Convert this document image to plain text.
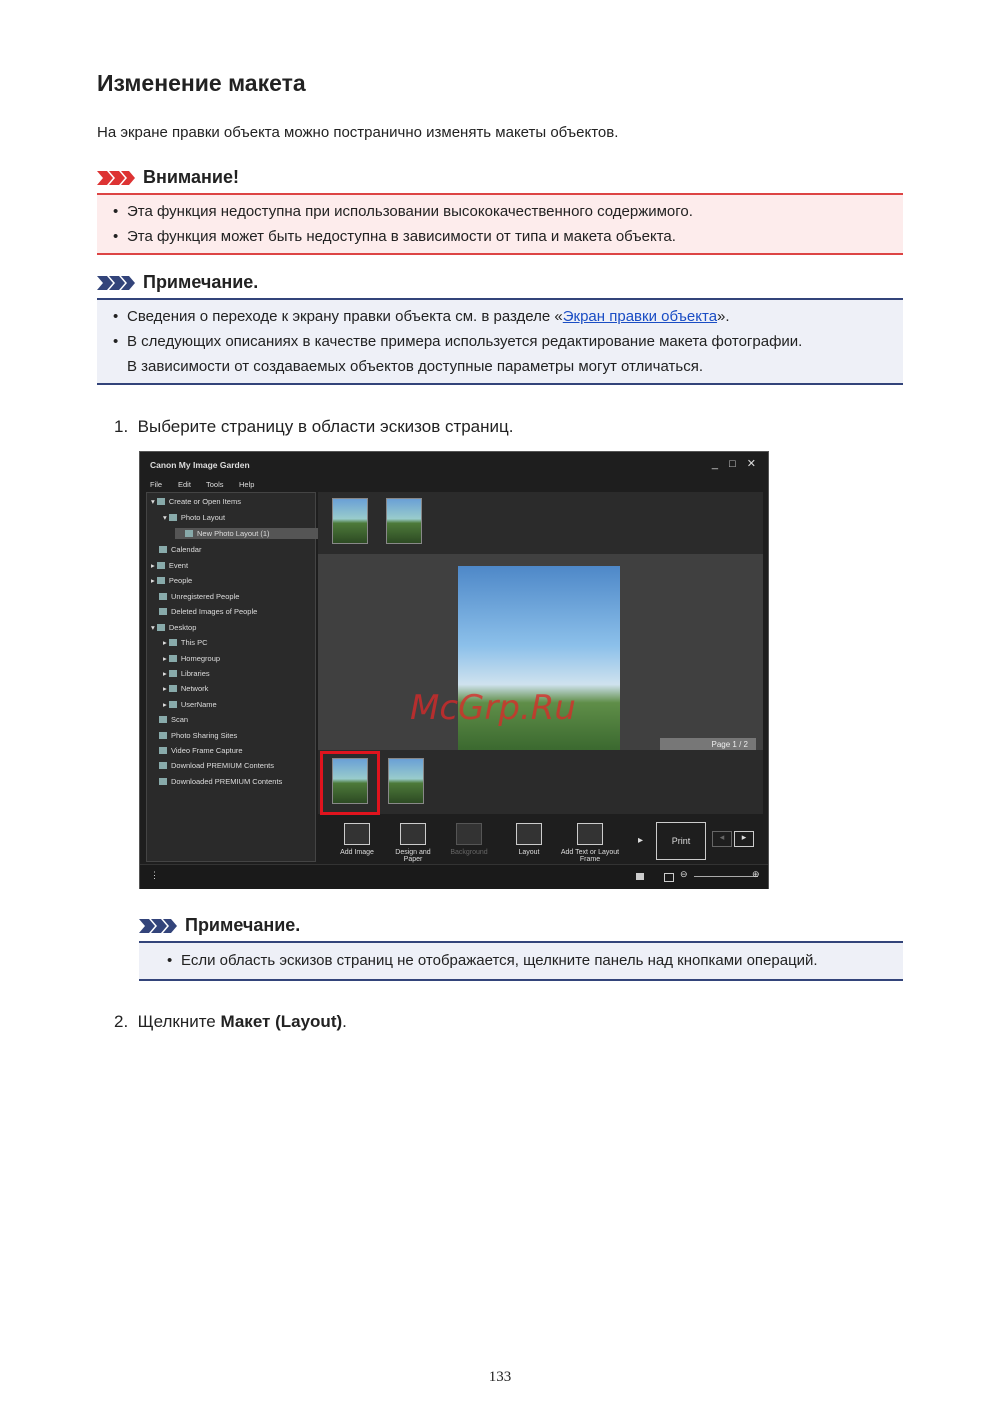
Изменение макета
На экране правки объекта можно постранично изменять макеты объектов.
Внимание!
• Эта функция недоступна при использовании высококачественного содержимого.
• Эта функция может быть недоступна в зависимости от типа и макета объекта.
Примечание.
• Сведения о переходе к экрану правки объекта см. в разделе «Экран правки объекта».
• В следующих описаниях в качестве примера используется редактирование макета фотографии.
В зависимости от создаваемых объектов доступные параметры могут отличаться.
1. Выберите страницу в области эскизов страниц.
Canon My Image Garden	_ □ ✕
File Edit Tools Help
▾ Create or Open Items
▾ Photo Layout
New Photo Layout (1)
Calendar
▸ Event
▸ People
Unregistered People
Deleted Images of People
▾ Desktop
▸ This PC
▸ Homegroup
▸ Libraries
▸ Network
▸ UserName
Scan
Photo Sharing Sites
Video Frame Capture
Download PREMIUM Contents
Downloaded PREMIUM Contents
Page 1 / 2
Add Image	Design and Paper
Background	Layout	Add Text or Layout Frame
▸	Print	◂	▸
⋮	⊖	⊕
McGrp.Ru
Примечание.
• Если область эскизов страниц не отображается, щелкните панель над кнопками операций.
2. Щелкните Макет (Layout).
133
